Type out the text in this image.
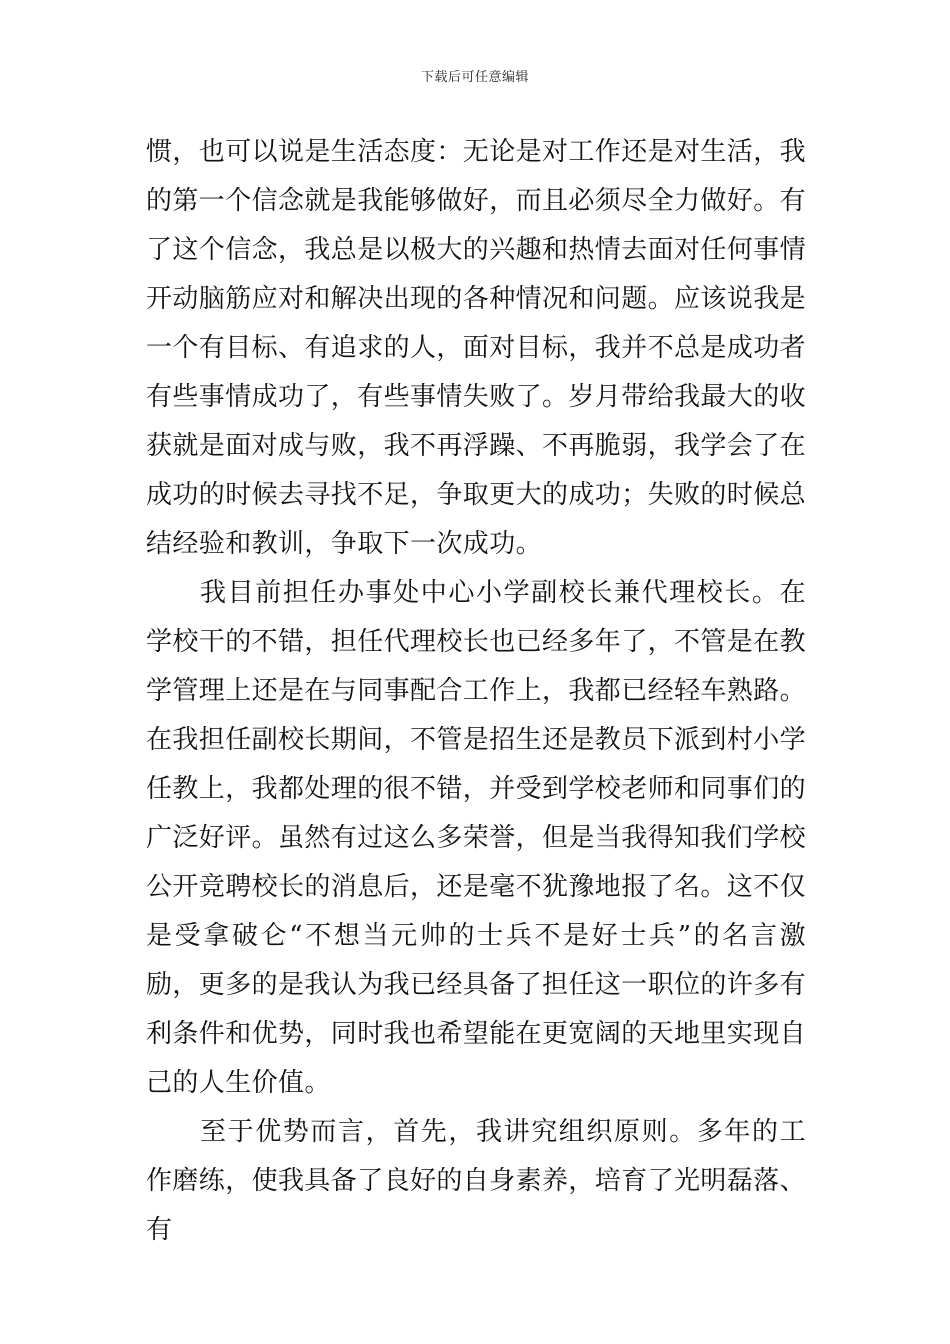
下载后可任意编辑

惯，也可以说是生活态度：无论是对工作还是对生活，我的第一个信念就是我能够做好，而且必须尽全力做好。有了这个信念，我总是以极大的兴趣和热情去面对任何事情开动脑筋应对和解决出现的各种情况和问题。应该说我是一个有目标、有追求的人，面对目标，我并不总是成功者有些事情成功了，有些事情失败了。岁月带给我最大的收获就是面对成与败，我不再浮躁、不再脆弱，我学会了在成功的时候去寻找不足，争取更大的成功；失败的时候总结经验和教训，争取下一次成功。

我目前担任办事处中心小学副校长兼代理校长。在学校干的不错，担任代理校长也已经多年了，不管是在教学管理上还是在与同事配合工作上，我都已经轻车熟路。在我担任副校长期间，不管是招生还是教员下派到村小学任教上，我都处理的很不错，并受到学校老师和同事们的广泛好评。虽然有过这么多荣誉，但是当我得知我们学校公开竞聘校长的消息后，还是毫不犹豫地报了名。这不仅是受拿破仑“不想当元帅的士兵不是好士兵”的名言激励，更多的是我认为我已经具备了担任这一职位的许多有利条件和优势，同时我也希望能在更宽阔的天地里实现自己的人生价值。

至于优势而言，首先，我讲究组织原则。多年的工作磨练，使我具备了良好的自身素养，培育了光明磊落、有
